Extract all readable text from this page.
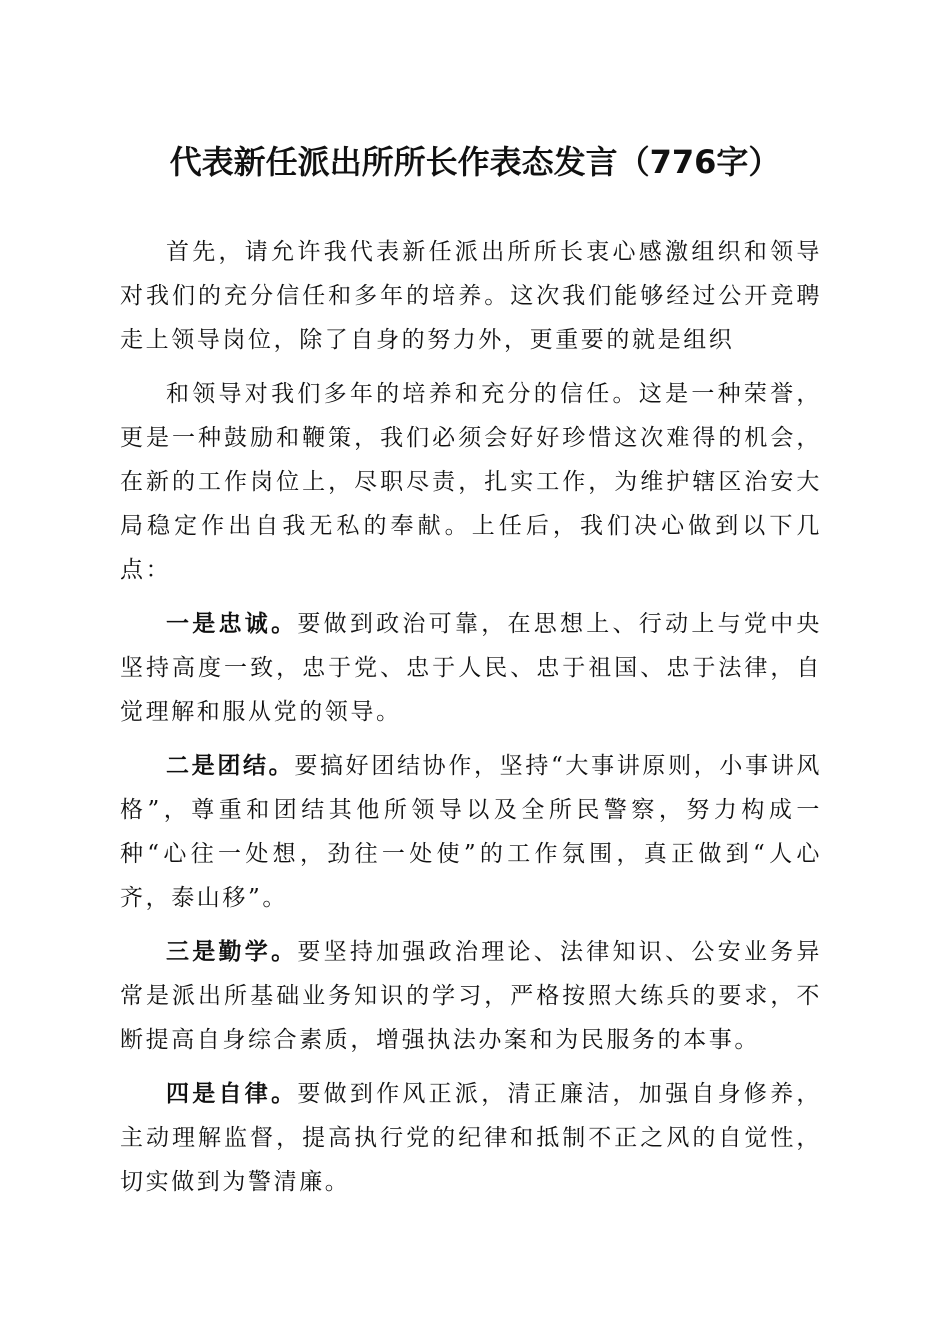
代表新任派出所所长作表态发言（776字）

首先，请允许我代表新任派出所所长衷心感激组织和领导对我们的充分信任和多年的培养。这次我们能够经过公开竞聘走上领导岗位，除了自身的努力外，更重要的就是组织

和领导对我们多年的培养和充分的信任。这是一种荣誉，更是一种鼓励和鞭策，我们必须会好好珍惜这次难得的机会，在新的工作岗位上，尽职尽责，扎实工作，为维护辖区治安大局稳定作出自我无私的奉献。上任后，我们决心做到以下几点：

一是忠诚。要做到政治可靠，在思想上、行动上与党中央坚持高度一致，忠于党、忠于人民、忠于祖国、忠于法律，自觉理解和服从党的领导。

二是团结。要搞好团结协作，坚持“大事讲原则，小事讲风格”，尊重和团结其他所领导以及全所民警察，努力构成一种“心往一处想，劲往一处使”的工作氛围，真正做到“人心齐，泰山移”。

三是勤学。要坚持加强政治理论、法律知识、公安业务异常是派出所基础业务知识的学习，严格按照大练兵的要求，不断提高自身综合素质，增强执法办案和为民服务的本事。

四是自律。要做到作风正派，清正廉洁，加强自身修养，主动理解监督，提高执行党的纪律和抵制不正之风的自觉性，切实做到为警清廉。
